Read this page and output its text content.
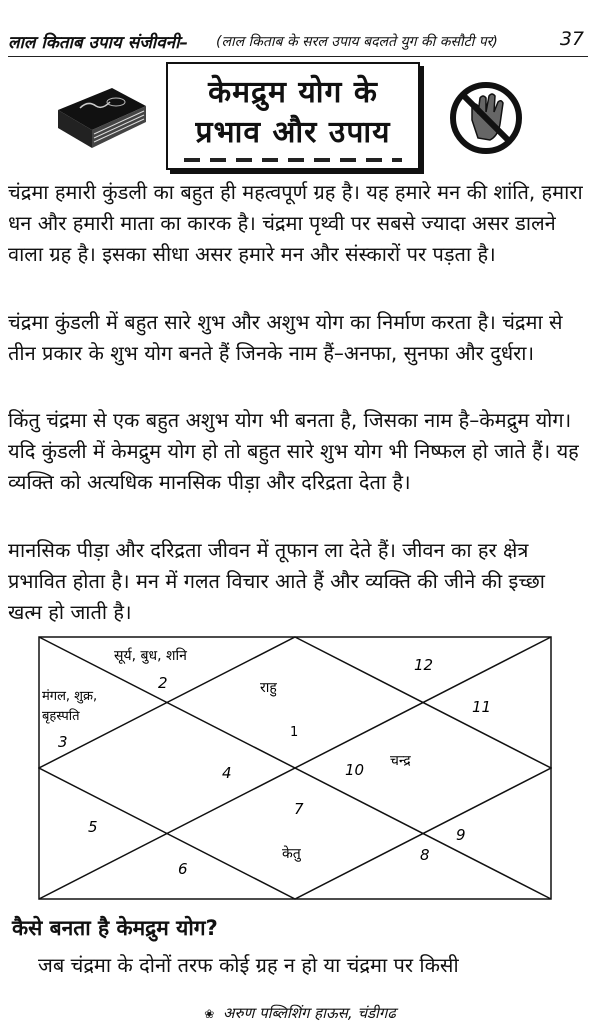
लाल किताब उपाय संजीवनी– (लाल किताब के सरल उपाय बदलते युग की कसौटी पर)	37
केमद्रुम योग के
प्रभाव और उपाय

चंद्रमा हमारी कुंडली का बहुत ही महत्वपूर्ण ग्रह है। यह हमारे मन की शांति, हमारा धन और हमारी माता का कारक है। चंद्रमा पृथ्वी पर सबसे ज्यादा असर डालने वाला ग्रह है। इसका सीधा असर हमारे मन और संस्कारों पर पड़ता है।

चंद्रमा कुंडली में बहुत सारे शुभ और अशुभ योग का निर्माण करता है। चंद्रमा से तीन प्रकार के शुभ योग बनते हैं जिनके नाम हैं–अनफा, सुनफा और दुर्धरा।

किंतु चंद्रमा से एक बहुत अशुभ योग भी बनता है, जिसका नाम है–केमद्रुम योग। यदि कुंडली में केमद्रुम योग हो तो बहुत सारे शुभ योग भी निष्फल हो जाते हैं। यह व्यक्ति को अत्यधिक मानसिक पीड़ा और दरिद्रता देता है।

मानसिक पीड़ा और दरिद्रता जीवन में तूफान ला देते हैं। जीवन का हर क्षेत्र प्रभावित होता है। मन में गलत विचार आते हैं और व्यक्ति की जीने की इच्छा खत्म हो जाती है।

1
2
3
4
5
6
7
8
9
10
11
12
राहु
सूर्य, बुध, शनि
मंगल, शुक्र,
बृहस्पति
केतु
चन्द्र
कैसे बनता है केमद्रुम योग?

जब चंद्रमा के दोनों तरफ कोई ग्रह न हो या चंद्रमा पर किसी

❀ अरुण पब्लिशिंग हाऊस, चंडीगढ
